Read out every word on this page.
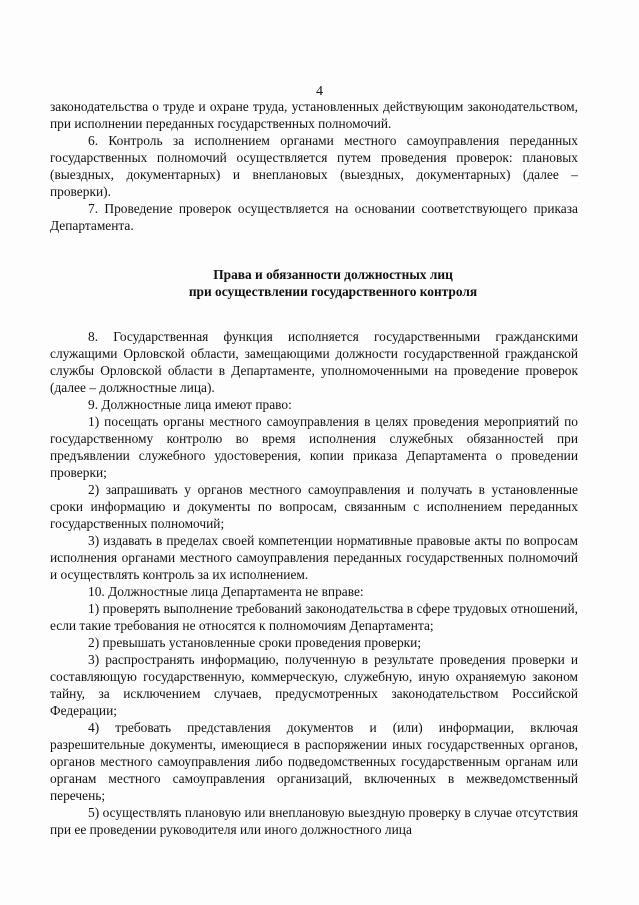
4

законодательства о труде и охране труда, установленных действующим законодательством, при исполнении переданных государственных полномочий.

6. Контроль за исполнением органами местного самоуправления переданных государственных полномочий осуществляется путем проведения проверок: плановых (выездных, документарных) и внеплановых (выездных, документарных) (далее – проверки).

7. Проведение проверок осуществляется на основании соответствующего приказа Департамента.

Права и обязанности должностных лиц

при осуществлении государственного контроля

8. Государственная функция исполняется государственными гражданскими служащими Орловской области, замещающими должности государственной гражданской службы Орловской области в Департаменте, уполномоченными на проведение проверок (далее – должностные лица).

9. Должностные лица имеют право:

1) посещать органы местного самоуправления в целях проведения мероприятий по государственному контролю во время исполнения служебных обязанностей при предъявлении служебного удостоверения, копии приказа Департамента о проведении проверки;

2) запрашивать у органов местного самоуправления и получать в установленные сроки информацию и документы по вопросам, связанным с исполнением переданных государственных полномочий;

3) издавать в пределах своей компетенции нормативные правовые акты по вопросам исполнения органами местного самоуправления переданных государственных полномочий и осуществлять контроль за их исполнением.

10. Должностные лица Департамента не вправе:

1) проверять выполнение требований законодательства в сфере трудовых отношений, если такие требования не относятся к полномочиям Департамента;

2) превышать установленные сроки проведения проверки;

3) распространять информацию, полученную в результате проведения проверки и составляющую государственную, коммерческую, служебную, иную охраняемую законом тайну, за исключением случаев, предусмотренных законодательством Российской Федерации;

4) требовать представления документов и (или) информации, включая разрешительные документы, имеющиеся в распоряжении иных государственных органов, органов местного самоуправления либо подведомственных государственным органам или органам местного самоуправления организаций, включенных в межведомственный перечень;

5) осуществлять плановую или внеплановую выездную проверку в случае отсутствия при ее проведении руководителя или иного должностного лица
